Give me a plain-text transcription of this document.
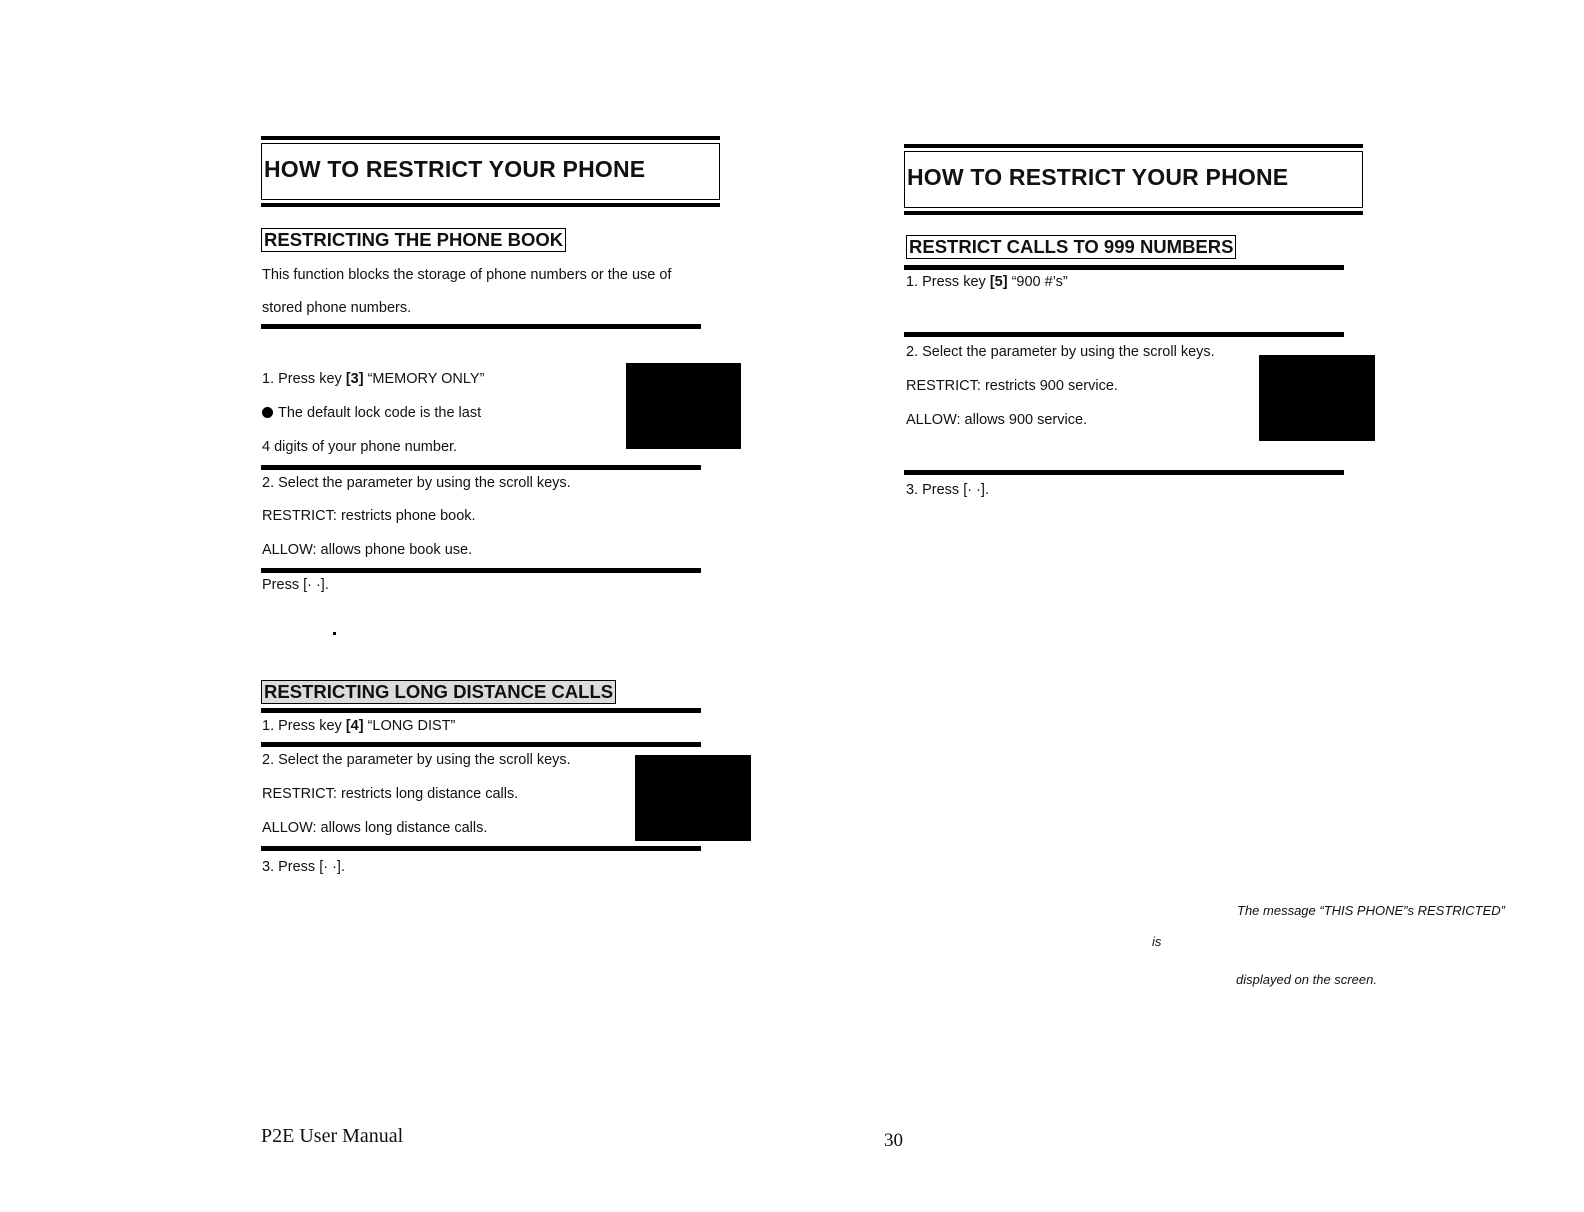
HOW TO RESTRICT YOUR PHONE
RESTRICTING THE PHONE BOOK
This function blocks the storage of phone numbers or the use of
stored phone numbers.
1. Press key [3] “MEMORY ONLY”
The default lock code is the last
4 digits of your phone number.
2. Select the parameter by using the scroll keys.
RESTRICT: restricts phone book.
ALLOW: allows phone book use.
Press [· ·].
RESTRICTING LONG DISTANCE CALLS
1. Press key [4] “LONG DIST”
2. Select the parameter by using the scroll keys.
RESTRICT: restricts long distance calls.
ALLOW: allows long distance calls.
3. Press [· ·].
HOW TO RESTRICT YOUR PHONE
RESTRICT CALLS TO 999 NUMBERS
1. Press key [5] “900 #’s”
2. Select the parameter by using the scroll keys.
RESTRICT: restricts 900 service.
ALLOW: allows 900 service.
3. Press [· ·].
The message “THIS PHONE”s RESTRICTED”
is
displayed on the screen.
P2E User Manual	30
